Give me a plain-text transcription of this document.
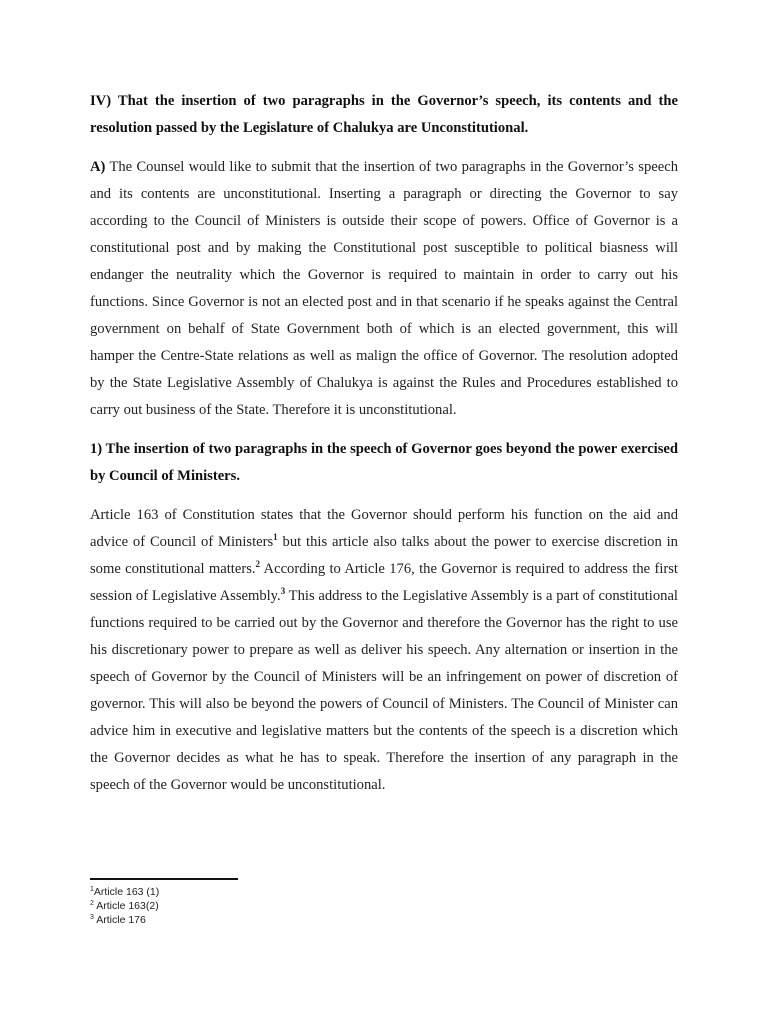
IV) That the insertion of two paragraphs in the Governor’s speech, its contents and the resolution passed by the Legislature of Chalukya are Unconstitutional.

A) The Counsel would like to submit that the insertion of two paragraphs in the Governor’s speech and its contents are unconstitutional. Inserting a paragraph or directing the Governor to say according to the Council of Ministers is outside their scope of powers. Office of Governor is a constitutional post and by making the Constitutional post susceptible to political biasness will endanger the neutrality which the Governor is required to maintain in order to carry out his functions. Since Governor is not an elected post and in that scenario if he speaks against the Central government on behalf of State Government both of which is an elected government, this will hamper the Centre-State relations as well as malign the office of Governor. The resolution adopted by the State Legislative Assembly of Chalukya is against the Rules and Procedures established to carry out business of the State. Therefore it is unconstitutional.

1) The insertion of two paragraphs in the speech of Governor goes beyond the power exercised by Council of Ministers.

Article 163 of Constitution states that the Governor should perform his function on the aid and advice of Council of Ministers$^1$ but this article also talks about the power to exercise discretion in some constitutional matters.$^2$ According to Article 176, the Governor is required to address the first session of Legislative Assembly.$^3$ This address to the Legislative Assembly is a part of constitutional functions required to be carried out by the Governor and therefore the Governor has the right to use his discretionary power to prepare as well as deliver his speech. Any alternation or insertion in the speech of Governor by the Council of Ministers will be an infringement on power of discretion of governor. This will also be beyond the powers of Council of Ministers. The Council of Minister can advice him in executive and legislative matters but the contents of the speech is a discretion which the Governor decides as what he has to speak. Therefore the insertion of any paragraph in the speech of the Governor would be unconstitutional.

$^1$Article 163 (1)
$^2$ Article 163(2)
$^3$ Article 176
